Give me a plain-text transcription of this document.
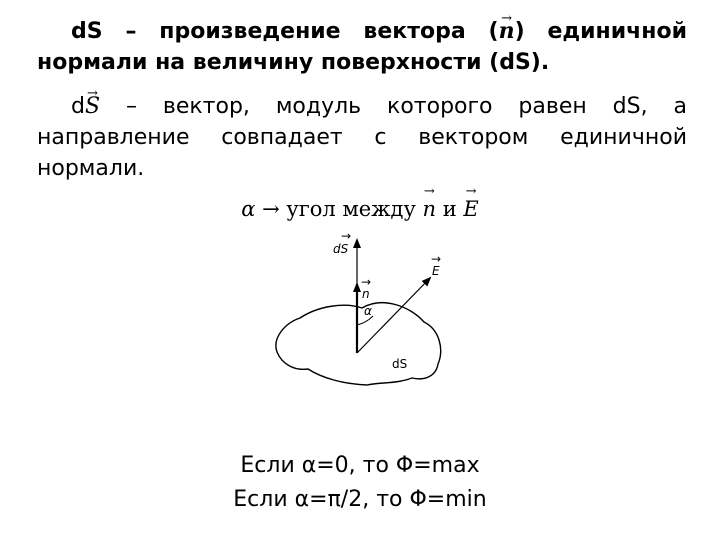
dS – произведение вектора (→ n) единичной нормали на величину поверхности (dS).

d→ S – вектор, модуль которого равен dS, а направление совпадает с вектором единичной нормали.

α → угол между → n и → E
dS
→
n
→
E
→
α
dS
Если α=0, то Φ=max
Если α=π/2, то Φ=min
